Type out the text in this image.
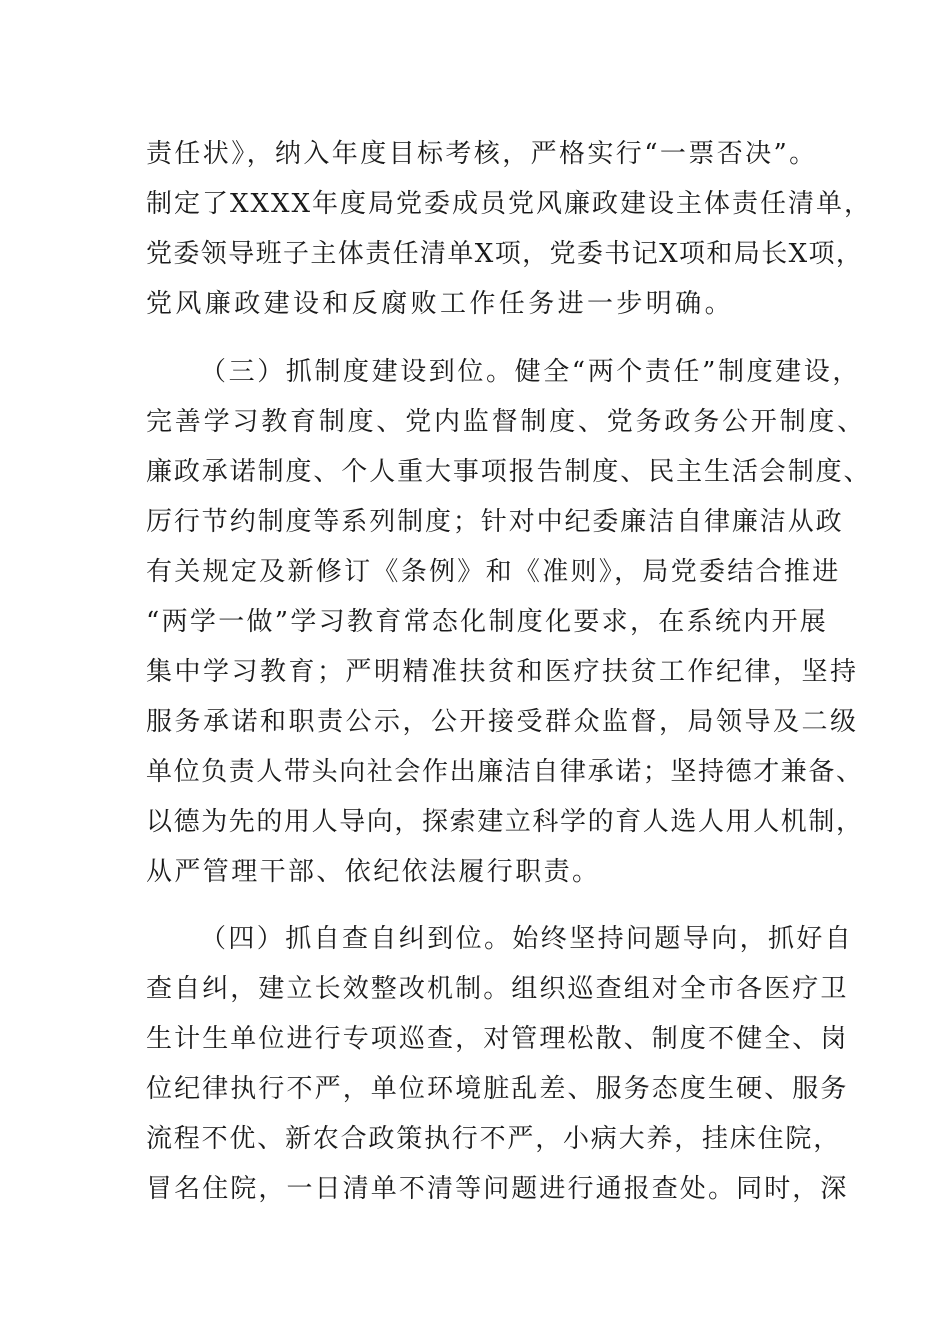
责任状》，纳入年度目标考核，严格实行“一票否决”。
制定了XXXX年度局党委成员党风廉政建设主体责任清单，
党委领导班子主体责任清单X项，党委书记X项和局长X项，
党风廉政建设和反腐败工作任务进一步明确。
（三）抓制度建设到位。健全“两个责任”制度建设，
完善学习教育制度、党内监督制度、党务政务公开制度、
廉政承诺制度、个人重大事项报告制度、民主生活会制度、
厉行节约制度等系列制度；针对中纪委廉洁自律廉洁从政
有关规定及新修订《条例》和《准则》，局党委结合推进
“两学一做”学习教育常态化制度化要求，在系统内开展
集中学习教育；严明精准扶贫和医疗扶贫工作纪律，坚持
服务承诺和职责公示，公开接受群众监督，局领导及二级
单位负责人带头向社会作出廉洁自律承诺；坚持德才兼备、
以德为先的用人导向，探索建立科学的育人选人用人机制，
从严管理干部、依纪依法履行职责。
（四）抓自查自纠到位。始终坚持问题导向，抓好自
查自纠，建立长效整改机制。组织巡查组对全市各医疗卫
生计生单位进行专项巡查，对管理松散、制度不健全、岗
位纪律执行不严，单位环境脏乱差、服务态度生硬、服务
流程不优、新农合政策执行不严，小病大养，挂床住院，
冒名住院，一日清单不清等问题进行通报查处。同时，深
